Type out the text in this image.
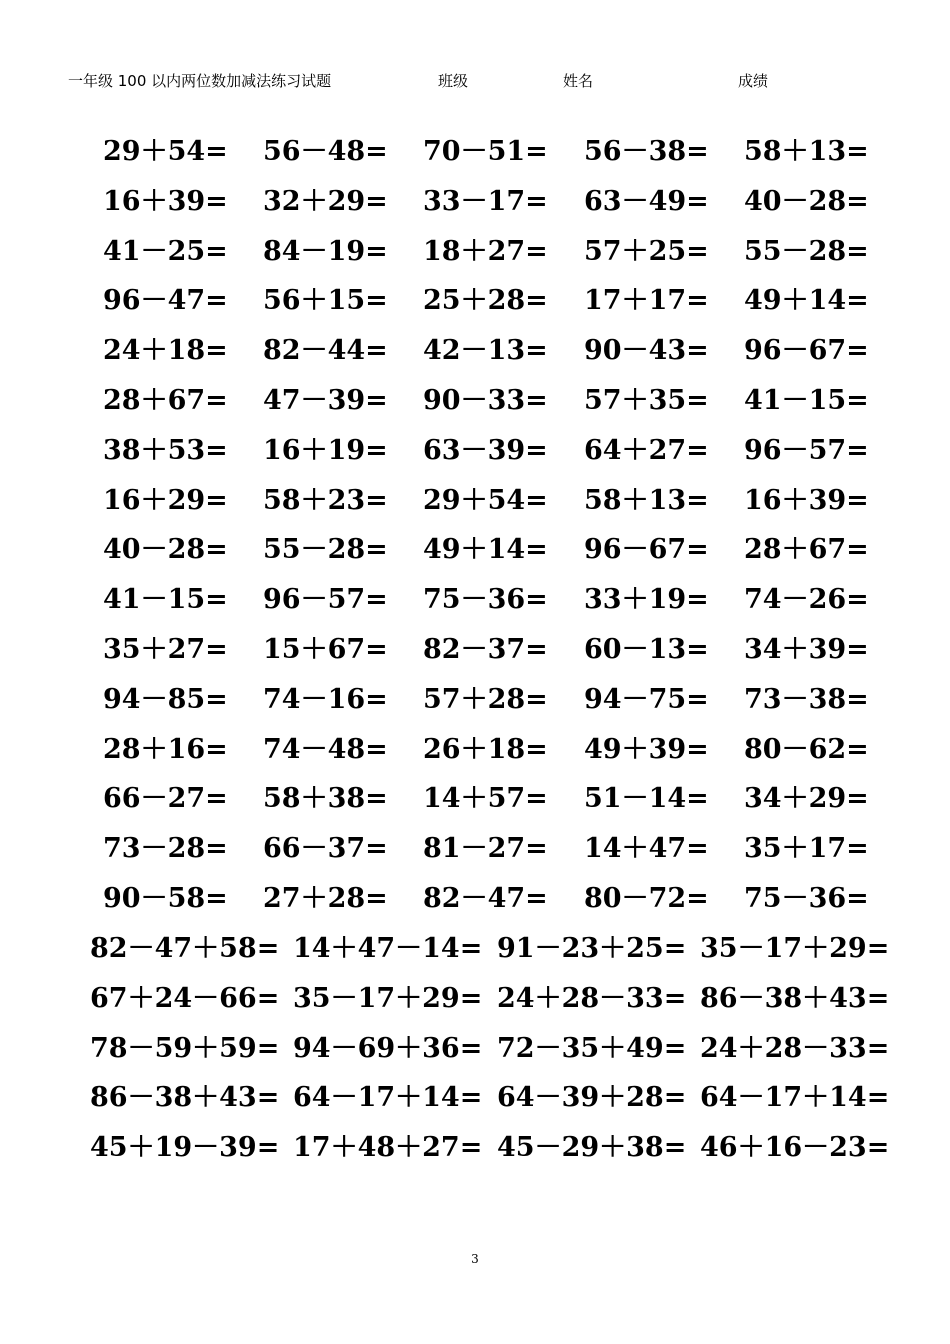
一年级 100 以内两位数加减法练习试题	班级	姓名	成绩
29＋54= 56－48= 70－51= 56－38= 58＋13=
16＋39= 32＋29= 33－17= 63－49= 40－28=
41－25= 84－19= 18＋27= 57＋25= 55－28=
96－47= 56＋15= 25＋28= 17＋17= 49＋14=
24＋18= 82－44= 42－13= 90－43= 96－67=
28＋67= 47－39= 90－33= 57＋35= 41－15=
38＋53= 16＋19= 63－39= 64＋27= 96－57=
16＋29= 58＋23= 29＋54= 58＋13= 16＋39=
40－28= 55－28= 49＋14= 96－67= 28＋67=
41－15= 96－57= 75－36= 33＋19= 74－26=
35＋27= 15＋67= 82－37= 60－13= 34＋39=
94－85= 74－16= 57＋28= 94－75= 73－38=
28＋16= 74－48= 26＋18= 49＋39= 80－62=
66－27= 58＋38= 14＋57= 51－14= 34＋29=
73－28= 66－37= 81－27= 14＋47= 35＋17=
90－58= 27＋28= 82－47= 80－72= 75－36=
82－47＋58= 14＋47－14= 91－23＋25= 35－17＋29=
67＋24－66= 35－17＋29= 24＋28－33= 86－38＋43=
78－59＋59= 94－69＋36= 72－35＋49= 24＋28－33=
86－38＋43= 64－17＋14= 64－39＋28= 64－17＋14=
45＋19－39= 17＋48＋27= 45－29＋38= 46＋16－23=
3
